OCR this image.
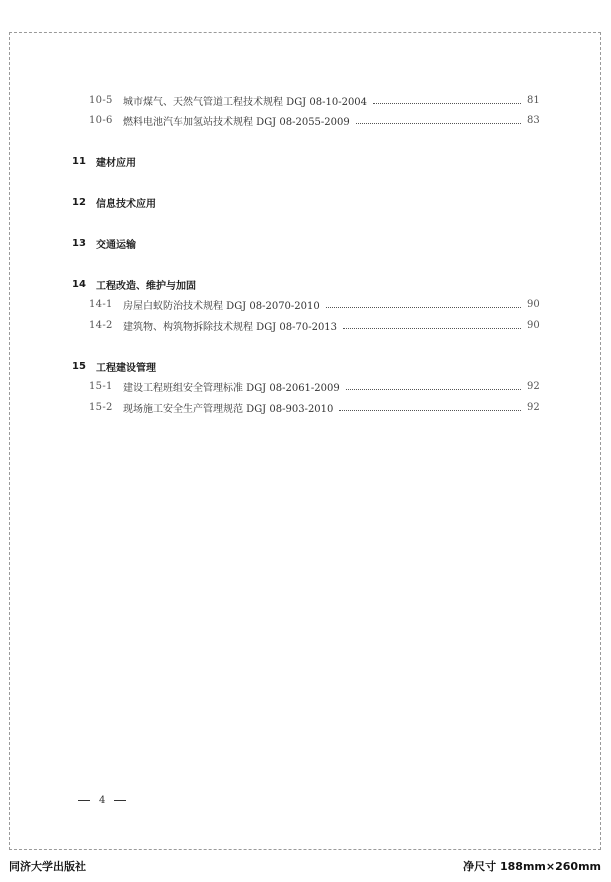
10-5	城市煤气、天然气管道工程技术规程 DGJ 08-10-2004	81
10-6	燃料电池汽车加氢站技术规程 DGJ 08-2055-2009	83
11	建材应用
12	信息技术应用
13	交通运输
14	工程改造、维护与加固
14-1	房屋白蚁防治技术规程 DGJ 08-2070-2010	90
14-2	建筑物、构筑物拆除技术规程 DGJ 08-70-2013	90
15	工程建设管理
15-1	建设工程班组安全管理标准 DGJ 08-2061-2009	92
15-2	现场施工安全生产管理规范 DGJ 08-903-2010	92
4
同济大学出版社	净尺寸 188mm×260mm
